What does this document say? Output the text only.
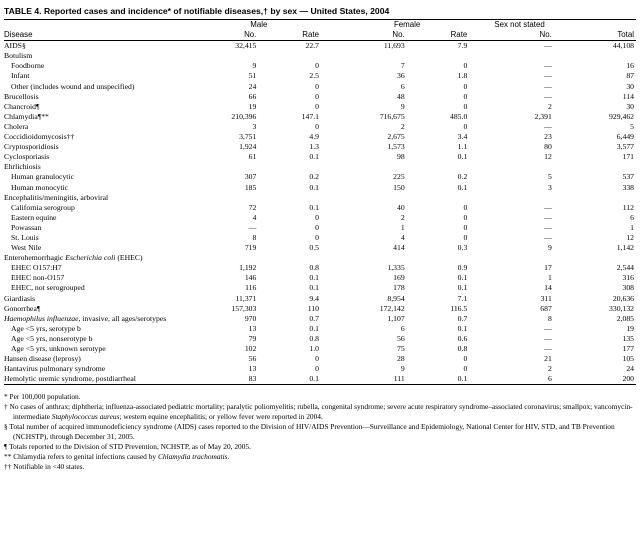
TABLE 4. Reported cases and incidence* of notifiable diseases,† by sex — United States, 2004
	Male		Female		Sex not stated	
Disease	No.	Rate	No.	Rate	No.	Total
AIDS§	32,415	22.7	11,693	7.9	—	44,108
Botulism						
Foodborne	9	0	7	0	—	16
Infant	51	2.5	36	1.8	—	87
Other (includes wound and unspecified)	24	0	6	0	—	30
Brucellosis	66	0	48	0	—	114
Chancroid¶	19	0	9	0	2	30
Chlamydia¶**	210,396	147.1	716,675	485.0	2,391	929,462
Cholera	3	0	2	0	—	5
Coccidioidomycosis††	3,751	4.9	2,675	3.4	23	6,449
Cryptosporidiosis	1,924	1.3	1,573	1.1	80	3,577
Cyclosporiasis	61	0.1	98	0.1	12	171
Ehrlichiosis						
Human granulocytic	307	0.2	225	0.2	5	537
Human monocytic	185	0.1	150	0.1	3	338
Encephalitis/meningitis, arboviral						
California serogroup	72	0.1	40	0	—	112
Eastern equine	4	0	2	0	—	6
Powassan	—	0	1	0	—	1
St. Louis	8	0	4	0	—	12
West Nile	719	0.5	414	0.3	9	1,142
Enterohemorrhagic Escherichia coli (EHEC)						
EHEC O157:H7	1,192	0.8	1,335	0.9	17	2,544
EHEC non-O157	146	0.1	169	0.1	1	316
EHEC, not serogrouped	116	0.1	178	0.1	14	308
Giardiasis	11,371	9.4	8,954	7.1	311	20,636
Gonorrhea¶	157,303	110	172,142	116.5	687	330,132
Haemophilus influenzae, invasive, all ages/serotypes	970	0.7	1,107	0.7	8	2,085
Age <5 yrs, serotype b	13	0.1	6	0.1	—	19
Age <5 yrs, nonserotype b	79	0.8	56	0.6	—	135
Age <5 yrs, unknown serotype	102	1.0	75	0.8	—	177
Hansen disease (leprosy)	56	0	28	0	21	105
Hantavirus pulmonary syndrome	13	0	9	0	2	24
Hemolytic uremic syndrome, postdiarrheal	83	0.1	111	0.1	6	200
* Per 100,000 population.
† No cases of anthrax; diphtheria; influenza-associated pediatric mortality; paralytic poliomyelitis; rubella, congenital syndrome; severe acute respiratory syndrome–associated coronavirus; smallpox; vancomycin-intermediate Staphylococcus aureus; western equine encephalitis; or yellow fever were reported in 2004.
§ Total number of acquired immunodeficiency syndrome (AIDS) cases reported to the Division of HIV/AIDS Prevention—Surveillance and Epidemiology, National Center for HIV, STD, and TB Prevention (NCHSTP), through December 31, 2005.
¶ Totals reported to the Division of STD Prevention, NCHSTP, as of May 20, 2005.
** Chlamydia refers to genital infections caused by Chlamydia trachomatis.
†† Notifiable in <40 states.
